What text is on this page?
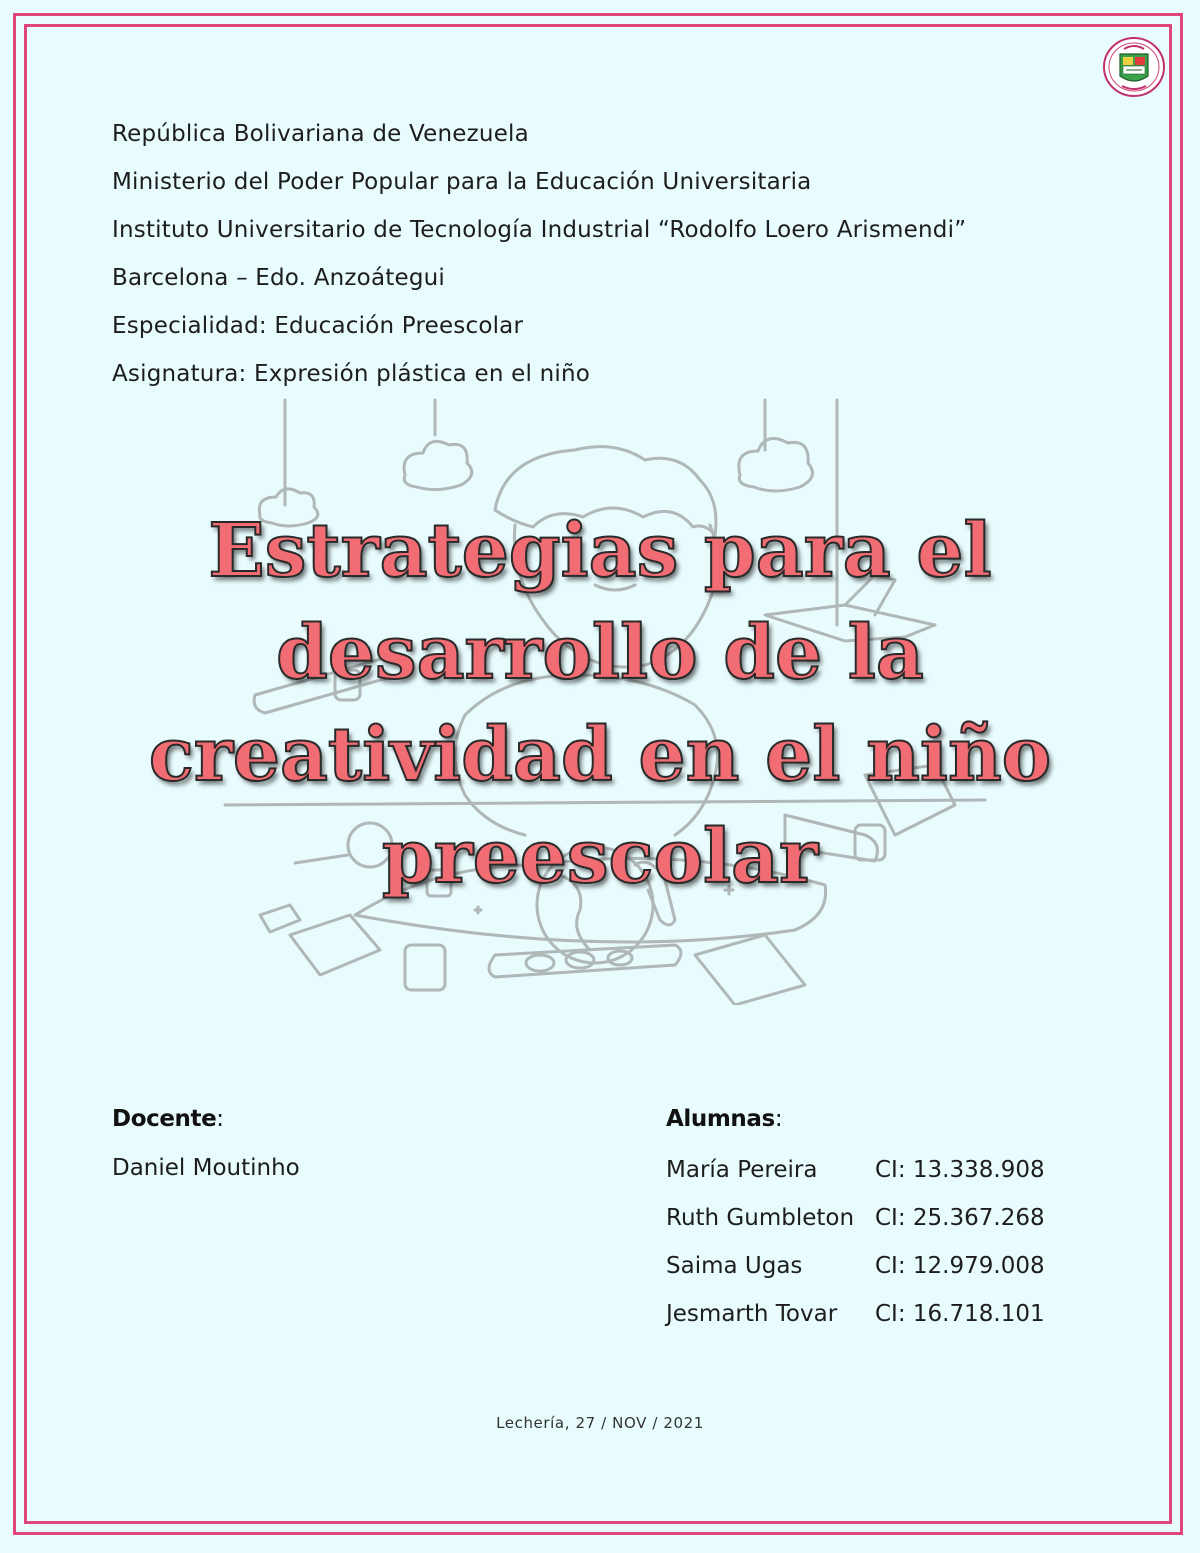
República Bolivariana de Venezuela
Ministerio del Poder Popular para la Educación Universitaria
Instituto Universitario de Tecnología Industrial “Rodolfo Loero Arismendi”
Barcelona – Edo. Anzoátegui
Especialidad: Educación Preescolar
Asignatura: Expresión plástica en el niño
Estrategias para el
desarrollo de la
creatividad en el niño
preescolar
Docente:
Daniel Moutinho
Alumnas:
María Pereira	CI: 13.338.908
Ruth Gumbleton CI: 25.367.268
Saima Ugas	CI: 12.979.008
Jesmarth Tovar CI: 16.718.101
Lechería, 27 / NOV / 2021
